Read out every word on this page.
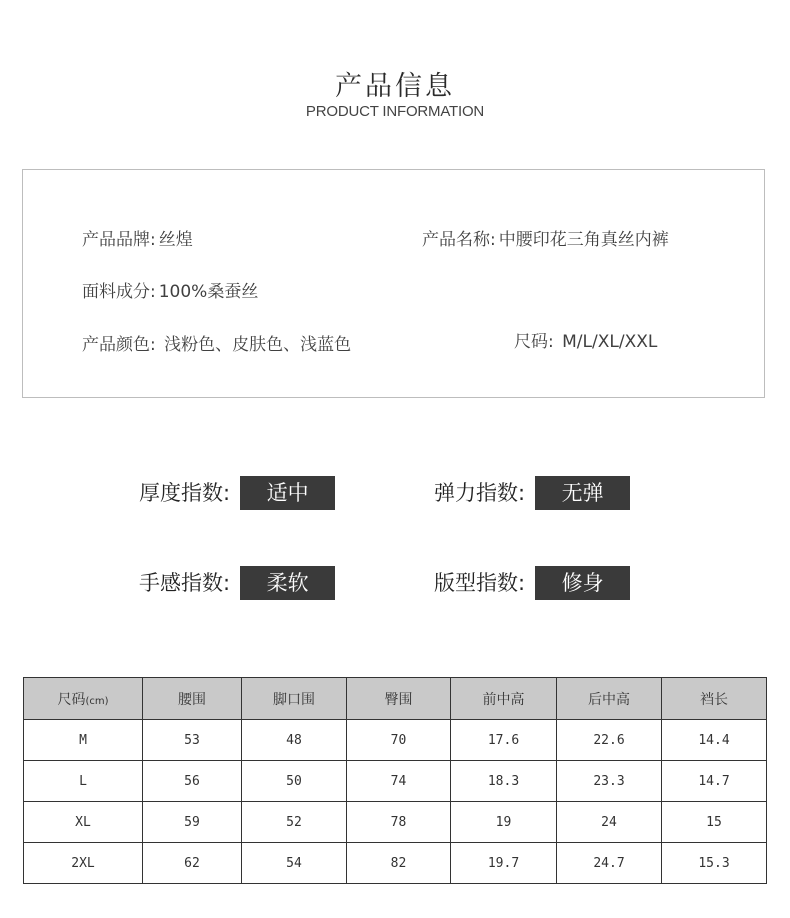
产品信息
PRODUCT INFORMATION
产品品牌: 丝煌	产品名称: 中腰印花三角真丝内裤
面料成分: 100%桑蚕丝
产品颜色: 浅粉色、皮肤色、浅蓝色	尺码: M/L/XL/XXL
厚度指数: 适中	弹力指数: 无弹
手感指数: 柔软	版型指数: 修身
尺码(cm)	腰围	脚口围	臀围	前中高	后中高	裆长
M	53	48	70	17.6	22.6	14.4
L	56	50	74	18.3	23.3	14.7
XL	59	52	78	19	24	15
2XL	62	54	82	19.7	24.7	15.3
